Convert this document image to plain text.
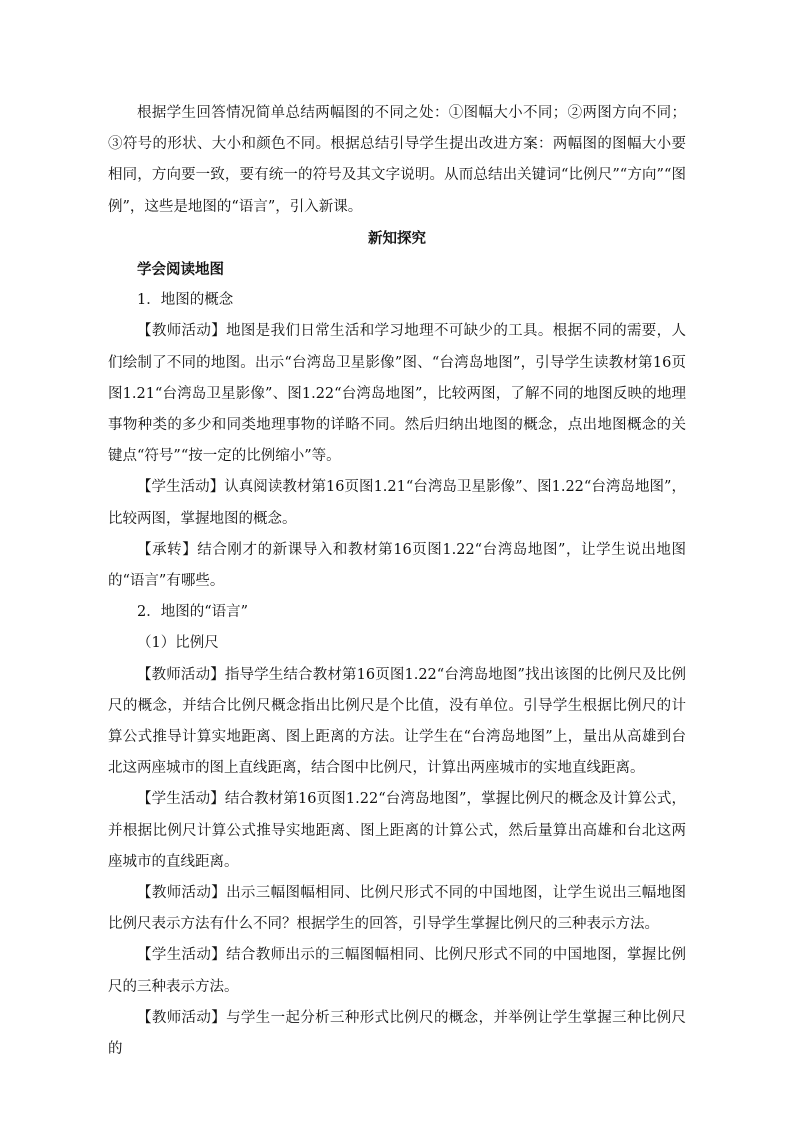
根据学生回答情况简单总结两幅图的不同之处：①图幅大小不同；②两图方向不同；③符号的形状、大小和颜色不同。根据总结引导学生提出改进方案：两幅图的图幅大小要相同，方向要一致，要有统一的符号及其文字说明。从而总结出关键词“比例尺”“方向”“图例”，这些是地图的“语言”，引入新课。

新知探究

学会阅读地图

1．地图的概念

【教师活动】地图是我们日常生活和学习地理不可缺少的工具。根据不同的需要，人们绘制了不同的地图。出示“台湾岛卫星影像”图、“台湾岛地图”，引导学生读教材第16页图1.21“台湾岛卫星影像”、图1.22“台湾岛地图”，比较两图，了解不同的地图反映的地理事物种类的多少和同类地理事物的详略不同。然后归纳出地图的概念，点出地图概念的关键点“符号”“按一定的比例缩小”等。

【学生活动】认真阅读教材第16页图1.21“台湾岛卫星影像”、图1.22“台湾岛地图”，比较两图，掌握地图的概念。

【承转】结合刚才的新课导入和教材第16页图1.22“台湾岛地图”，让学生说出地图的“语言”有哪些。

2．地图的“语言”

（1）比例尺

【教师活动】指导学生结合教材第16页图1.22“台湾岛地图”找出该图的比例尺及比例尺的概念，并结合比例尺概念指出比例尺是个比值，没有单位。引导学生根据比例尺的计算公式推导计算实地距离、图上距离的方法。让学生在“台湾岛地图”上，量出从高雄到台北这两座城市的图上直线距离，结合图中比例尺，计算出两座城市的实地直线距离。

【学生活动】结合教材第16页图1.22“台湾岛地图”，掌握比例尺的概念及计算公式，并根据比例尺计算公式推导实地距离、图上距离的计算公式，然后量算出高雄和台北这两座城市的直线距离。

【教师活动】出示三幅图幅相同、比例尺形式不同的中国地图，让学生说出三幅地图比例尺表示方法有什么不同？根据学生的回答，引导学生掌握比例尺的三种表示方法。

【学生活动】结合教师出示的三幅图幅相同、比例尺形式不同的中国地图，掌握比例尺的三种表示方法。

【教师活动】与学生一起分析三种形式比例尺的概念，并举例让学生掌握三种比例尺的
